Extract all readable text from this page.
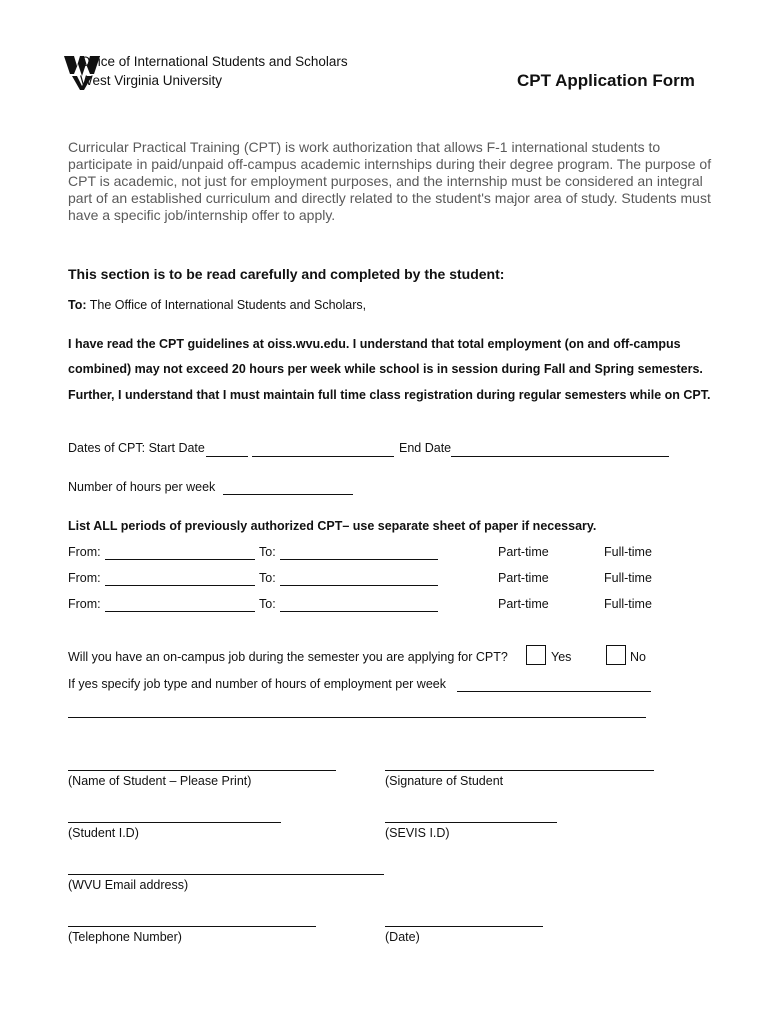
Office of International Students and Scholars
West Virginia University	CPT Application Form
Curricular Practical Training (CPT) is work authorization that allows F-1 international students to participate in paid/unpaid off-campus academic internships during their degree program. The purpose of CPT is academic, not just for employment purposes, and the internship must be considered an integral part of an established curriculum and directly related to the student's major area of study. Students must have a specific job/internship offer to apply.
This section is to be read carefully and completed by the student:
To: The Office of International Students and Scholars,
I have read the CPT guidelines at oiss.wvu.edu. I understand that total employment (on and off-campus
combined) may not exceed 20 hours per week while school is in session during Fall and Spring semesters.
Further, I understand that I must maintain full time class registration during regular semesters while on CPT.
Dates of CPT: Start Date	End Date
Number of hours per week
List ALL periods of previously authorized CPT– use separate sheet of paper if necessary.
From:	To:	Part-time	Full-time
From:	To:	Part-time	Full-time
From:	To:	Part-time	Full-time
Will you have an on-campus job during the semester you are applying for CPT?	Yes	No
If yes specify job type and number of hours of employment per week
(Name of Student – Please Print)	(Signature of Student
(Student I.D)	(SEVIS I.D)
(WVU Email address)
(Telephone Number)	(Date)
